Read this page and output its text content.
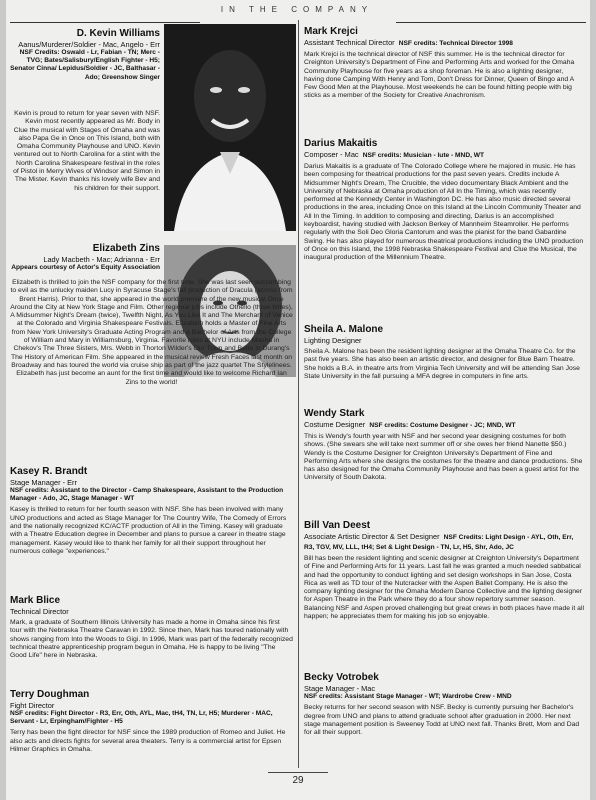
IN THE COMPANY
D. Kevin Williams
Aanus/Murderer/Soldier - Mac, Angelo - Err
NSF Credits: Oswald - Lr, Fabian - TN; Merc - TVG; Bates/Salisbury/English Fighter - H5; Senator Cinna/ Lepidus/Soldier - JC, Balthasar - Ado; Greenshow Singer
Kevin is proud to return for year seven with NSF. Kevin most recently appeared as Mr. Body in Clue the musical with Stages of Omaha and was also Papa Ge in Once on This Island, both with Omaha Community Playhouse and UNO. Kevin ventured out to North Carolina for a stint with the North Carolina Shakespeare festival in the roles of Pistol in Merry Wives of Windsor and Simon in The Mister. Kevin thanks his lovely wife Bev and his children for their support.
Elizabeth Zins
Lady Macbeth - Mac; Adrianna - Err
Appears courtesy of Actor's Equity Association
Elizabeth is thrilled to join the NSF company for the first time. She was last seen succumbing to evil as the unlucky maiden Lucy in Syracuse Stage's fall production of Dracula (across from Brent Harris). Prior to that, she appeared in the world premiere of the new musical Once Around the City at New York Stage and Film. Other regional jobs include Othello (three times), A Midsummer Night's Dream (twice), Twelfth Night, As You Like It and The Merchant of Venice at the Colorado and Virginia Shakespeare Festivals. Elizabeth holds a Master of Fine Arts from New York University's Graduate Acting Program and a Bachelor of Arts from the College of William and Mary in Williamsburg, Virginia. Favorite roles at NYU include Masha in Chekov's The Three Sisters, Mrs. Webb in Thorton Wilder's Our Town and Bette in Durang's The History of American Film. She appeared in the musical review Fresh Faces last month on Broadway and has toured the world via cruise ship as part of the jazz quartet The Stylelinees. Elizabeth has just become an aunt for the first time and would like to welcome Richard Ian Zins to the world!
Kasey R. Brandt
Stage Manager - Err
NSF credits: Assistant to the Director - Camp Shakespeare, Assistant to the Production Manager - Ado, JC, Stage Manager - WT
Kasey is thrilled to return for her fourth season with NSF. She has been involved with many UNO productions and acted as Stage Manager for The Country Wife, The Comedy of Errors and the nationally recognized KC/ACTF production of All in the Timing. Kasey will graduate with a Theatre Education degree in December and plans to pursue a career in theatre stage management. Kasey would like to thank her family for all their support throughout her numerous college "experiences."
Mark Blice
Technical Director
Mark, a graduate of Southern Illinois University has made a home in Omaha since his first tour with the Nebraska Theatre Caravan in 1992. Since then, Mark has toured nationally with shows ranging from Into the Woods to Gigi. In 1996, Mark was part of the federally recognized technical theatre apprenticeship program begun in Omaha. He is happy to be living "The Good Life" here in Nebraska.
Terry Doughman
Fight Director
NSF credits: Fight Director - R3, Err, Oth, AYL, Mac, tH4, TN, Lr, H5; Murderer - MAC, Servant - Lr, Erpingham/Fighter - H5
Terry has been the fight director for NSF since the 1989 production of Romeo and Juliet. He also acts and directs fights for several area theaters. Terry is a commercial artist for Epsen Hilmer Graphics in Omaha.
Mark Krejci
Assistant Technical Director NSF credits: Technical Director 1998
Mark Krejci is the technical director of NSF this summer. He is the technical director for Creighton University's Department of Fine and Performing Arts and worked for the Omaha Community Playhouse for five years as a shop foreman. He is also a lighting designer, having done Camping With Henry and Tom, Don't Dress for Dinner, Queen of Bingo and A Few Good Men at the Playhouse. Most weekends he can be found hitting people with big sticks as a member of the Society for Creative Anachronism.
Darius Makaitis
Composer - Mac NSF credits: Musician - lute - MND, WT
Darius Makaitis is a graduate of The Colorado College where he majored in music. He has been composing for theatrical productions for the past seven years. Credits include A Midsummer Night's Dream, The Crucible, the video documentary Black Ambient and the University of Nebraska at Omaha production of All In the Timing, which was recently performed at the Kennedy Center in Washington DC. He has also music directed several productions in the area, including Once on this Island at the Lincoln Community Theater and All In the Timing. In addition to composing and directing, Darius is an accomplished keyboardist, having studied with Jackson Berkey of Mannheim Steamroller. He performs regularly with the Soli Deo Gloria Cantorum and was the pianist for the band Gabardine Swing. He has also played for numerous theatrical productions including the UNO production of Once on this Island, the 1998 Nebraska Shakespeare Festival and Clue the Musical, the inaugural production of the Millennium Theatre.
Sheila A. Malone
Lighting Designer
Sheila A. Malone has been the resident lighting designer at the Omaha Theatre Co. for the past five years. She has also been an artistic director, and designer for Blue Barn Theatre. She holds a B.A. in theatre arts from Virginia Tech University and will be attending San Jose State University in the fall pursuing a MFA degree in computers in fine arts.
Wendy Stark
Costume Designer NSF credits: Costume Designer - JC; MND, WT
This is Wendy's fourth year with NSF and her second year designing costumes for both shows. (She swears she will take next summer off or she owes her friend Nanette $50.) Wendy is the Costume Designer for Creighton University's Department of Fine and Performing Arts where she designs the costumes for the theatre and dance productions. She has also designed for the Omaha Community Playhouse and has been a guest artist for the University of South Dakota.
Bill Van Deest
Associate Artistic Director & Set Designer NSF Credits: Light Design - AYL, Oth, Err, R3, TGV, MV, LLL, tH4; Set & Light Design - TN, Lr, H5, Shr, Ado, JC
Bill has been the resident lighting and scenic designer at Creighton University's Department of Fine and Performing Arts for 11 years. Last fall he was granted a much needed sabbatical and had the opportunity to conduct lighting and set design workshops in San Jose, Costa Rica as well as TD tour of the Nutcracker with the Aspen Ballet Company. He is also the company lighting designer for the Omaha Modern Dance Collective and the lighting designer for Aspen Theatre in the Park where they do a four show repertory summer season. Balancing NSF and Aspen proved challenging but great crews in both places have made it all happen; he appreciates them for making his job so enjoyable.
Becky Votrobek
Stage Manager - Mac
NSF credits: Assistant Stage Manager - WT; Wardrobe Crew - MND
Becky returns for her second season with NSF. Becky is currently pursuing her Bachelor's degree from UNO and plans to attend graduate school after graduation in 2000. Her next stage management position is Sweeney Todd at UNO next fall. Thanks Brett, Mom and Dad for all their support.
29
